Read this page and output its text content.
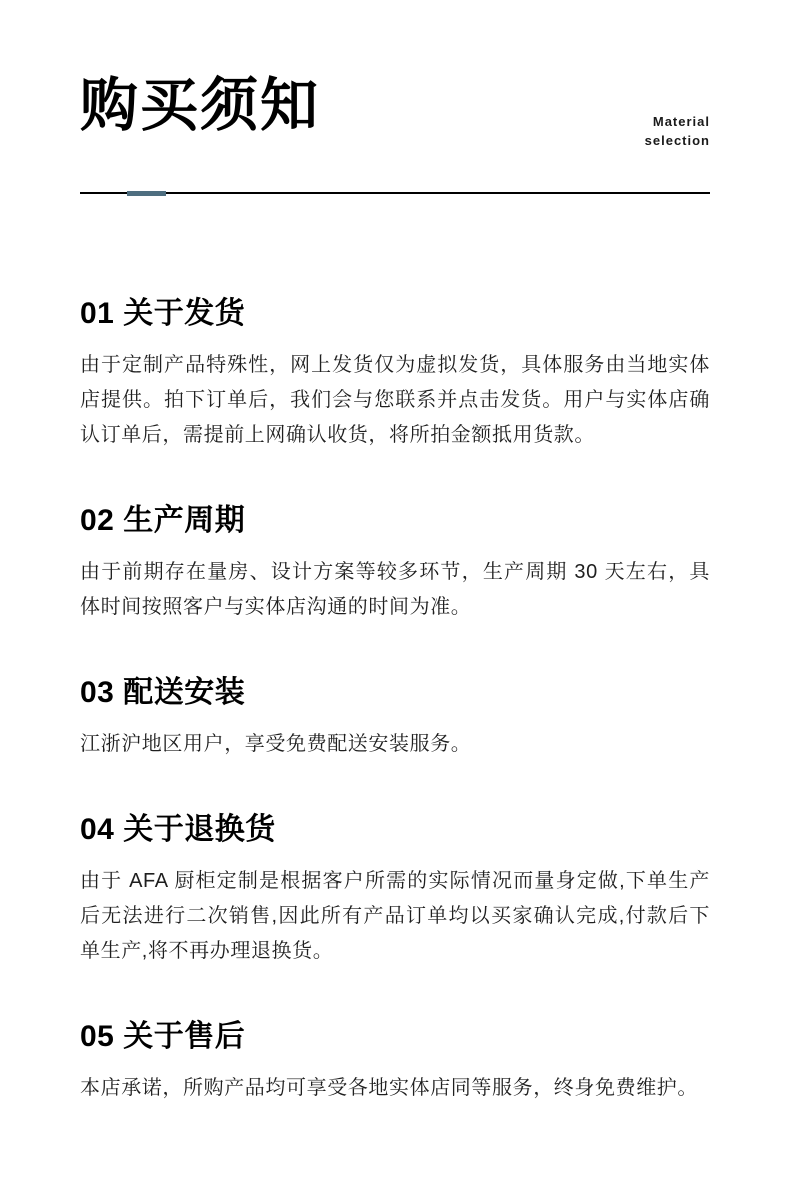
购买须知	Material
selection
01 关于发货

由于定制产品特殊性，网上发货仅为虚拟发货，具体服务由当地实体店提供。拍下订单后，我们会与您联系并点击发货。用户与实体店确认订单后，需提前上网确认收货，将所拍金额抵用货款。

02 生产周期

由于前期存在量房、设计方案等较多环节，生产周期 30 天左右，具体时间按照客户与实体店沟通的时间为准。

03 配送安装

江浙沪地区用户，享受免费配送安装服务。

04 关于退换货

由于 AFA 厨柜定制是根据客户所需的实际情况而量身定做,下单生产后无法进行二次销售,因此所有产品订单均以买家确认完成,付款后下单生产,将不再办理退换货。

05 关于售后

本店承诺，所购产品均可享受各地实体店同等服务，终身免费维护。
